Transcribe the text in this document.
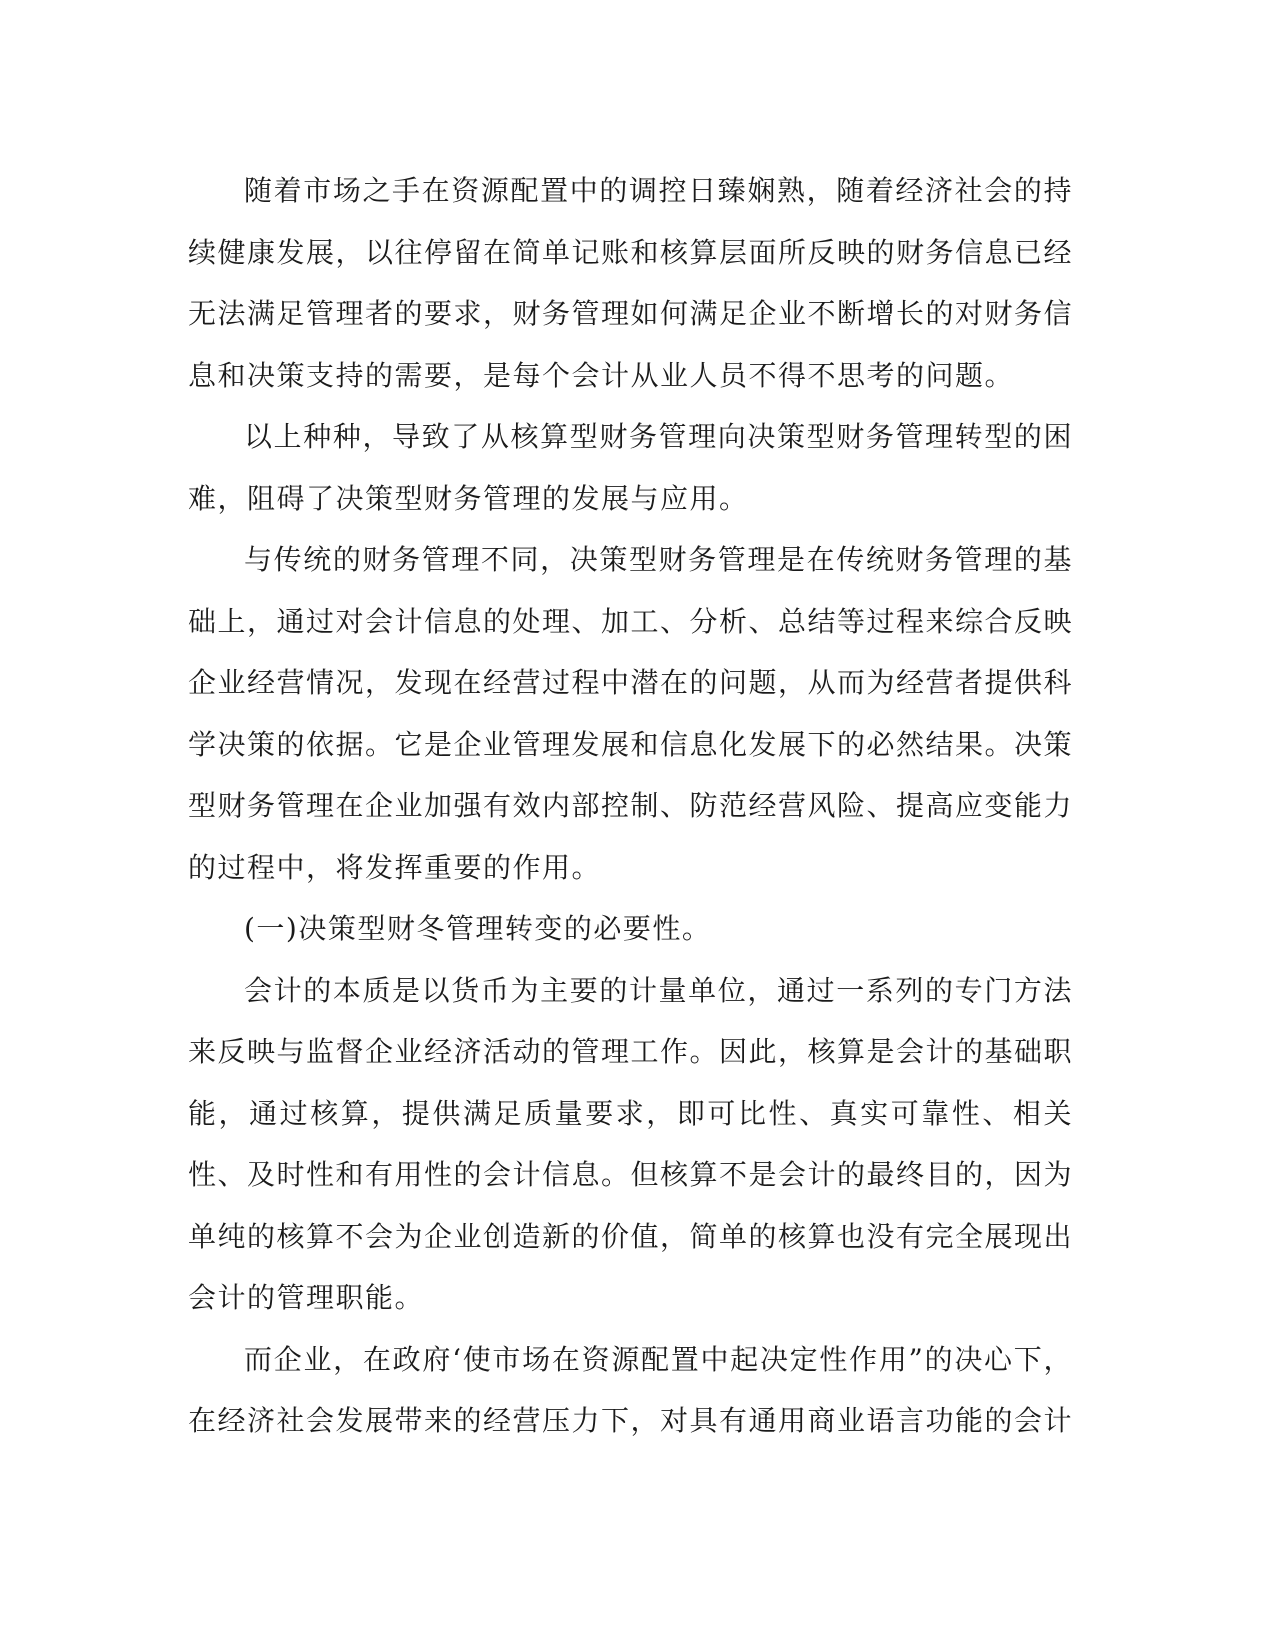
随着市场之手在资源配置中的调控日臻娴熟，随着经济社会的持续健康发展，以往停留在简单记账和核算层面所反映的财务信息已经无法满足管理者的要求，财务管理如何满足企业不断增长的对财务信息和决策支持的需要，是每个会计从业人员不得不思考的问题。

以上种种，导致了从核算型财务管理向决策型财务管理转型的困难，阻碍了决策型财务管理的发展与应用。

与传统的财务管理不同，决策型财务管理是在传统财务管理的基础上，通过对会计信息的处理、加工、分析、总结等过程来综合反映企业经营情况，发现在经营过程中潜在的问题，从而为经营者提供科学决策的依据。它是企业管理发展和信息化发展下的必然结果。决策型财务管理在企业加强有效内部控制、防范经营风险、提高应变能力的过程中，将发挥重要的作用。

(一)决策型财冬管理转变的必要性。

会计的本质是以货币为主要的计量单位，通过一系列的专门方法来反映与监督企业经济活动的管理工作。因此，核算是会计的基础职能，通过核算，提供满足质量要求，即可比性、真实可靠性、相关性、及时性和有用性的会计信息。但核算不是会计的最终目的，因为单纯的核算不会为企业创造新的价值，简单的核算也没有完全展现出会计的管理职能。

而企业，在政府‘使市场在资源配置中起决定性作用”的决心下，在经济社会发展带来的经营压力下，对具有通用商业语言功能的会计
